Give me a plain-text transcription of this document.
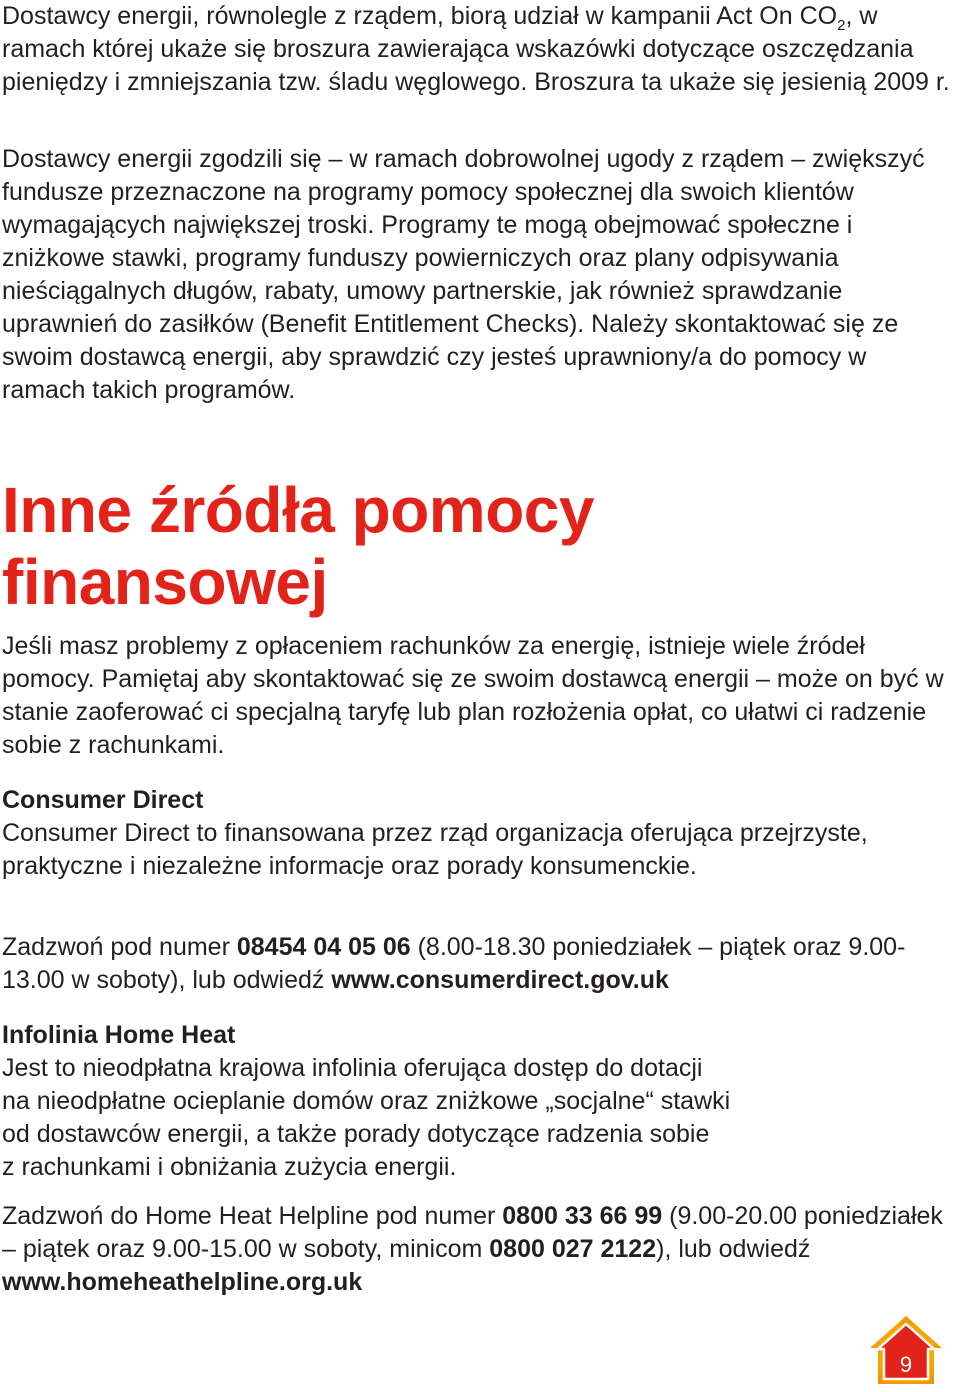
Dostawcy energii, równolegle z rządem, biorą udział w kampanii Act On $CO_2$, w ramach której ukaże się broszura zawierająca wskazówki dotyczące oszczędzania pieniędzy i zmniejszania tzw. śladu węglowego. Broszura ta ukaże się jesienią 2009 r.

Dostawcy energii zgodzili się – w ramach dobrowolnej ugody z rządem – zwiększyć fundusze przeznaczone na programy pomocy społecznej dla swoich klientów wymagających największej troski. Programy te mogą obejmować społeczne i zniżkowe stawki, programy funduszy powierniczych oraz plany odpisywania nieściągalnych długów, rabaty, umowy partnerskie, jak również sprawdzanie uprawnień do zasiłków (Benefit Entitlement Checks). Należy skontaktować się ze swoim dostawcą energii, aby sprawdzić czy jesteś uprawniony/a do pomocy w ramach takich programów.

Inne źródła pomocy
finansowej

Jeśli masz problemy z opłaceniem rachunków za energię, istnieje wiele źródeł pomocy. Pamiętaj aby skontaktować się ze swoim dostawcą energii – może on być w stanie zaoferować ci specjalną taryfę lub plan rozłożenia opłat, co ułatwi ci radzenie sobie z rachunkami.

Consumer Direct

Consumer Direct to finansowana przez rząd organizacja oferująca przejrzyste, praktyczne i niezależne informacje oraz porady konsumenckie.

Zadzwoń pod numer 08454 04 05 06 (8.00-18.30 poniedziałek – piątek oraz 9.00-13.00 w soboty), lub odwiedź www.consumerdirect.gov.uk

Infolinia Home Heat

Jest to nieodpłatna krajowa infolinia oferująca dostęp do dotacji
na nieodpłatne ocieplanie domów oraz zniżkowe „socjalne“ stawki
od dostawców energii, a także porady dotyczące radzenia sobie
z rachunkami i obniżania zużycia energii.

Zadzwoń do Home Heat Helpline pod numer 0800 33 66 99 (9.00-20.00 poniedziałek – piątek oraz 9.00-15.00 w soboty, minicom 0800 027 2122), lub odwiedź www.homeheathelpline.org.uk

9
